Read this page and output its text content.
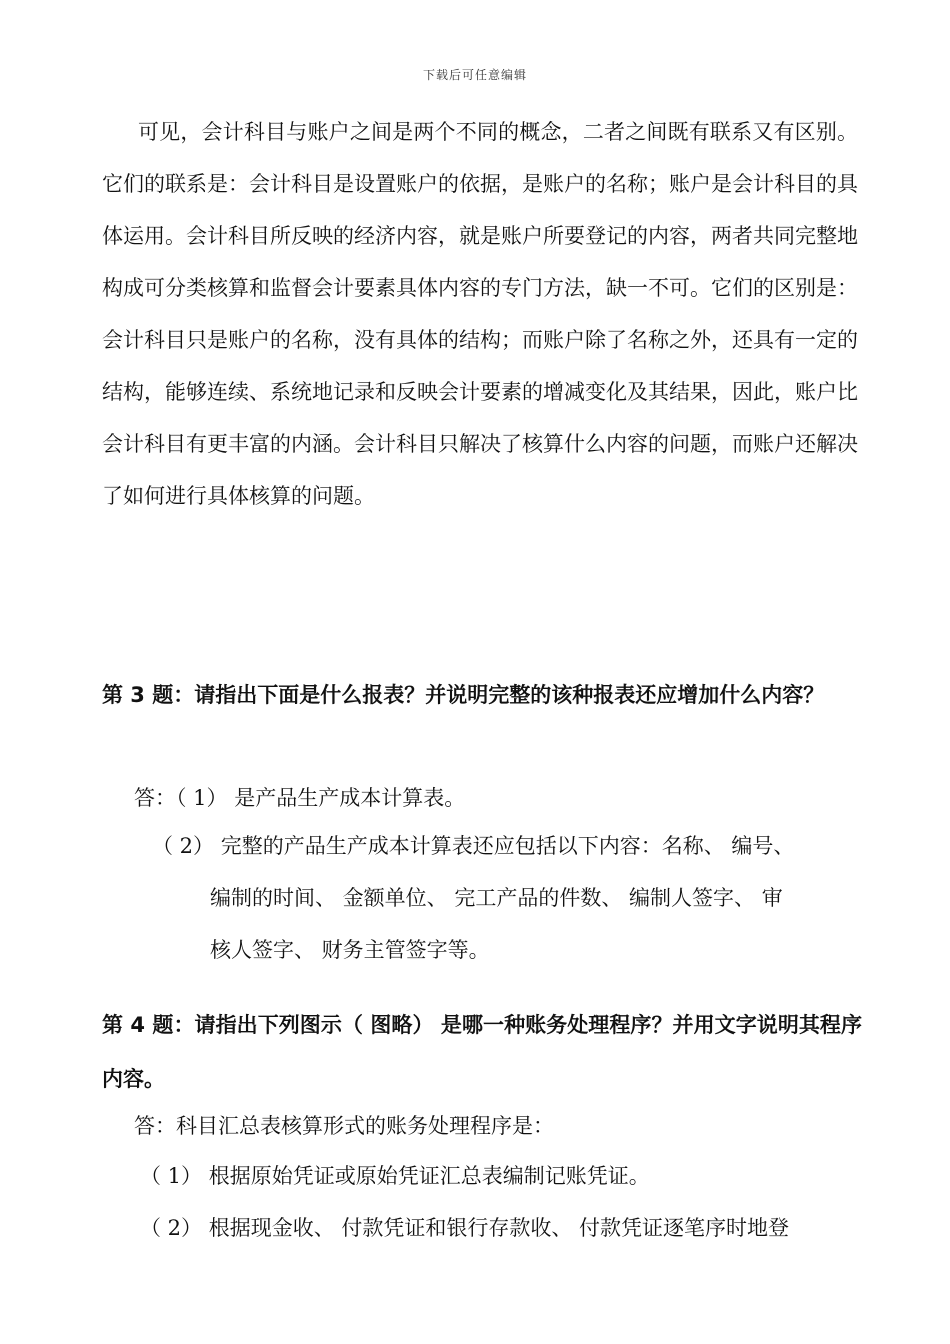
下载后可任意编辑
可见，会计科目与账户之间是两个不同的概念，二者之间既有联系又有区别。它们的联系是：会计科目是设置账户的依据，是账户的名称；账户是会计科目的具体运用。会计科目所反映的经济内容，就是账户所要登记的内容，两者共同完整地构成可分类核算和监督会计要素具体内容的专门方法，缺一不可。它们的区别是：会计科目只是账户的名称，没有具体的结构；而账户除了名称之外，还具有一定的结构，能够连续、系统地记录和反映会计要素的增减变化及其结果，因此，账户比会计科目有更丰富的内涵。会计科目只解决了核算什么内容的问题，而账户还解决了如何进行具体核算的问题。
第 3 题：请指出下面是什么报表？并说明完整的该种报表还应增加什么内容？
答：（ 1） 是产品生产成本计算表。
（ 2） 完整的产品生产成本计算表还应包括以下内容：名称、 编号、
编制的时间、 金额单位、 完工产品的件数、 编制人签字、 审
核人签字、 财务主管签字等。
第 4 题：请指出下列图示（ 图略） 是哪一种账务处理程序？并用文字说明其程序内容。
答：科目汇总表核算形式的账务处理程序是：
（ 1） 根据原始凭证或原始凭证汇总表编制记账凭证。
（ 2） 根据现金收、 付款凭证和银行存款收、 付款凭证逐笔序时地登
